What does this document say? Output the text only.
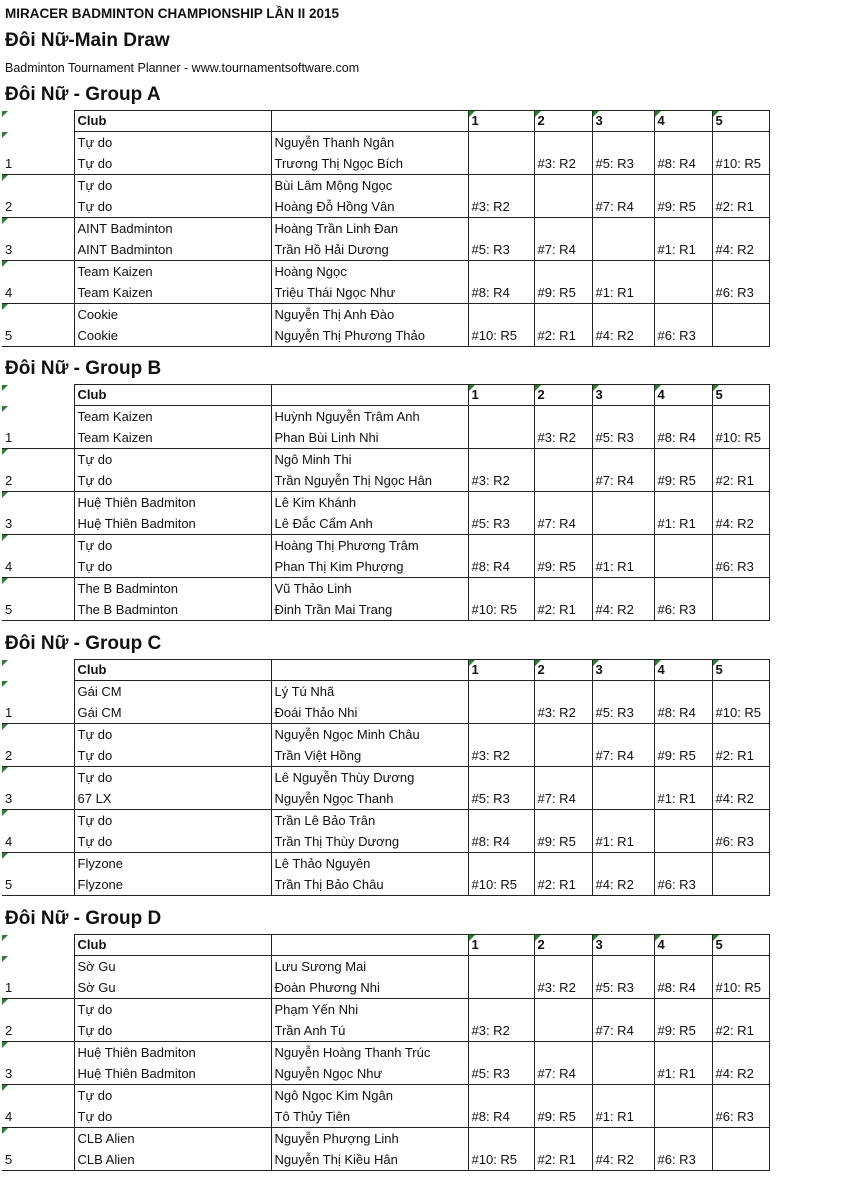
MIRACER BADMINTON CHAMPIONSHIP LẦN II 2015
Đôi Nữ-Main Draw
Badminton Tournament Planner - www.tournamentsoftware.com
Đôi Nữ - Group A
	Club		1	2	3	4	5

	Tự do	Nguyễn Thanh Ngân		#3: R2	#5: R3	#8: R4	#10: R5
1	Tự do	Trương Thị Ngọc Bích					

	Tự do	Bùi Lâm Mộng Ngọc	#3: R2		#7: R4	#9: R5	#2: R1
2	Tự do	Hoàng Đỗ Hồng Vân					

	AINT Badminton	Hoàng Trần Linh Đan	#5: R3	#7: R4		#1: R1	#4: R2
3	AINT Badminton	Trần Hồ Hải Dương					

	Team Kaizen	Hoàng Ngọc	#8: R4	#9: R5	#1: R1		#6: R3
4	Team Kaizen	Triệu Thái Ngọc Như					

	Cookie	Nguyễn Thị Anh Đào	#10: R5	#2: R1	#4: R2	#6: R3	
5	Cookie	Nguyễn Thị Phương Thảo					
Đôi Nữ - Group B
	Club		1	2	3	4	5

	Team Kaizen	Huỳnh Nguyễn Trâm Anh		#3: R2	#5: R3	#8: R4	#10: R5
1	Team Kaizen	Phan Bùi Linh Nhi					

	Tự do	Ngô Minh Thi	#3: R2		#7: R4	#9: R5	#2: R1
2	Tự do	Trần Nguyễn Thị Ngọc Hân					

	Huệ Thiên Badmiton	Lê Kim Khánh	#5: R3	#7: R4		#1: R1	#4: R2
3	Huệ Thiên Badmiton	Lê Đắc Cẩm Anh					

	Tự do	Hoàng Thị Phương Trâm	#8: R4	#9: R5	#1: R1		#6: R3
4	Tự do	Phan Thị Kim Phượng					

	The B Badminton	Vũ Thảo Linh	#10: R5	#2: R1	#4: R2	#6: R3	
5	The B Badminton	Đinh Trần Mai Trang					
Đôi Nữ - Group C
	Club		1	2	3	4	5

	Gái CM	Lý Tú Nhã		#3: R2	#5: R3	#8: R4	#10: R5
1	Gái CM	Đoái Thảo Nhi					

	Tự do	Nguyễn Ngọc Minh Châu	#3: R2		#7: R4	#9: R5	#2: R1
2	Tự do	Trần Việt Hồng					

	Tự do	Lê Nguyễn Thùy Dương	#5: R3	#7: R4		#1: R1	#4: R2
3	67 LX	Nguyễn Ngọc Thanh					

	Tự do	Trần Lê Bảo Trân	#8: R4	#9: R5	#1: R1		#6: R3
4	Tự do	Trần Thị Thùy Dương					

	Flyzone	Lê Thảo Nguyên	#10: R5	#2: R1	#4: R2	#6: R3	
5	Flyzone	Trần Thị Bảo Châu					
Đôi Nữ - Group D
	Club		1	2	3	4	5

	Sờ Gu	Lưu Sương Mai		#3: R2	#5: R3	#8: R4	#10: R5
1	Sờ Gu	Đoàn Phương Nhi					

	Tự do	Phạm Yến Nhi	#3: R2		#7: R4	#9: R5	#2: R1
2	Tự do	Trần Anh Tú					

	Huệ Thiên Badmiton	Nguyễn Hoàng Thanh Trúc	#5: R3	#7: R4		#1: R1	#4: R2
3	Huệ Thiên Badmiton	Nguyễn Ngọc Như					

	Tự do	Ngô Ngọc Kim Ngân	#8: R4	#9: R5	#1: R1		#6: R3
4	Tự do	Tô Thủy Tiên					

	CLB Alien	Nguyễn Phượng Linh	#10: R5	#2: R1	#4: R2	#6: R3	
5	CLB Alien	Nguyễn Thị Kiều Hân					
